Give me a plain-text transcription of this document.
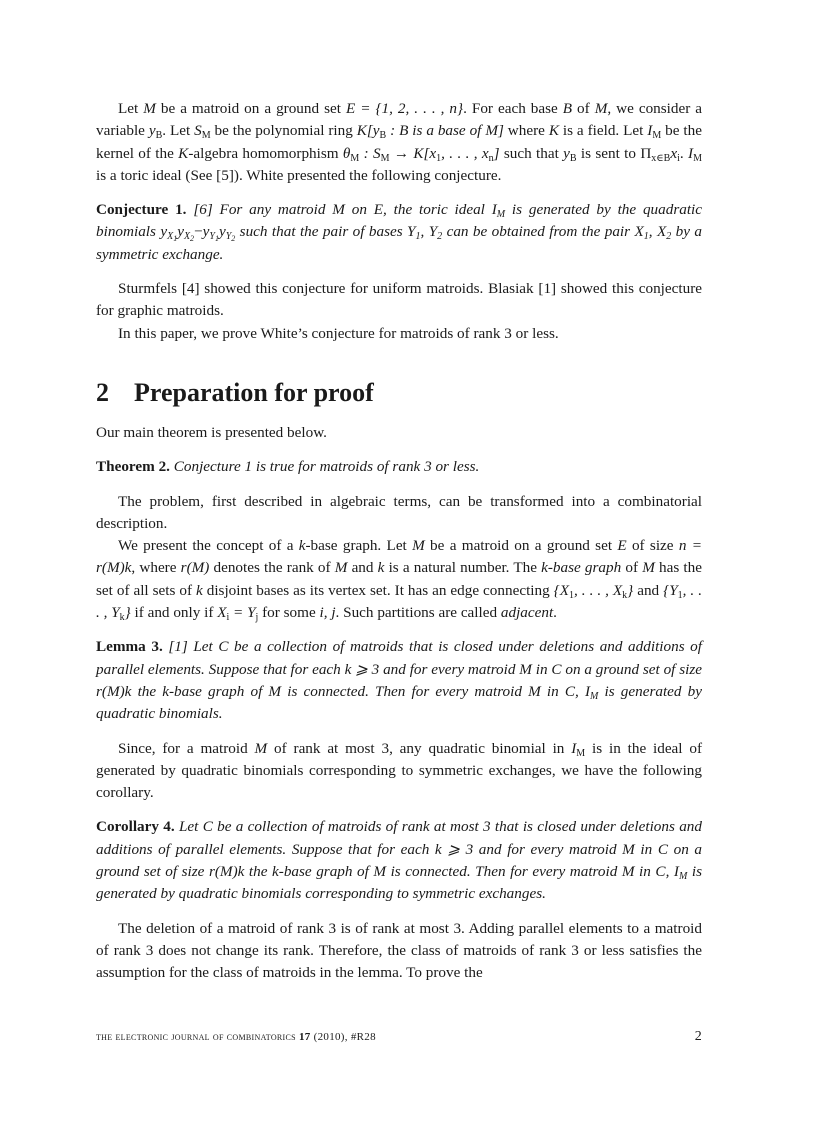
Let M be a matroid on a ground set E = {1, 2, . . . , n}. For each base B of M, we consider a variable $y_B$. Let $S_M$ be the polynomial ring $K[y_B$ : B is a base of M] where K is a field. Let $I_M$ be the kernel of the K-algebra homomorphism $\theta_M$ : $S_M \to K[x_1$, . . . , $x_n$] such that $y_B$ is sent to $\Pi_{x\in B}x_i$. $I_M$ is a toric ideal (See [5]). White presented the following conjecture.

Conjecture 1. [6] For any matroid M on E, the toric ideal $I_M$ is generated by the quadratic binomials $y_{X_1}y_{X_2}-y_{Y_1}y_{Y_2}$ such that the pair of bases $Y_1$, $Y_2$ can be obtained from the pair $X_1$, $X_2$ by a symmetric exchange.

Sturmfels [4] showed this conjecture for uniform matroids. Blasiak [1] showed this conjecture for graphic matroids.

In this paper, we prove White’s conjecture for matroids of rank 3 or less.

2 Preparation for proof

Our main theorem is presented below.

Theorem 2. Conjecture 1 is true for matroids of rank 3 or less.

The problem, first described in algebraic terms, can be transformed into a combinatorial description.

We present the concept of a k-base graph. Let M be a matroid on a ground set E of size n = r(M)k, where r(M) denotes the rank of M and k is a natural number. The k-base graph of M has the set of all sets of k disjoint bases as its vertex set. It has an edge connecting {$X_1$, . . . , $X_k$} and {$Y_1$, . . . , $Y_k$} if and only if $X_i = Y_j$ for some i, j. Such partitions are called adjacent.

Lemma 3. [1] Let C be a collection of matroids that is closed under deletions and additions of parallel elements. Suppose that for each k ⩾ 3 and for every matroid M in C on a ground set of size r(M)k the k-base graph of M is connected. Then for every matroid M in C, $I_M$ is generated by quadratic binomials.

Since, for a matroid M of rank at most 3, any quadratic binomial in $I_M$ is in the ideal of generated by quadratic binomials corresponding to symmetric exchanges, we have the following corollary.

Corollary 4. Let C be a collection of matroids of rank at most 3 that is closed under deletions and additions of parallel elements. Suppose that for each k ⩾ 3 and for every matroid M in C on a ground set of size r(M)k the k-base graph of M is connected. Then for every matroid M in C, $I_M$ is generated by quadratic binomials corresponding to symmetric exchanges.

The deletion of a matroid of rank 3 is of rank at most 3. Adding parallel elements to a matroid of rank 3 does not change its rank. Therefore, the class of matroids of rank 3 or less satisfies the assumption for the class of matroids in the lemma. To prove the

the electronic journal of combinatorics 17 (2010), #R28	2
